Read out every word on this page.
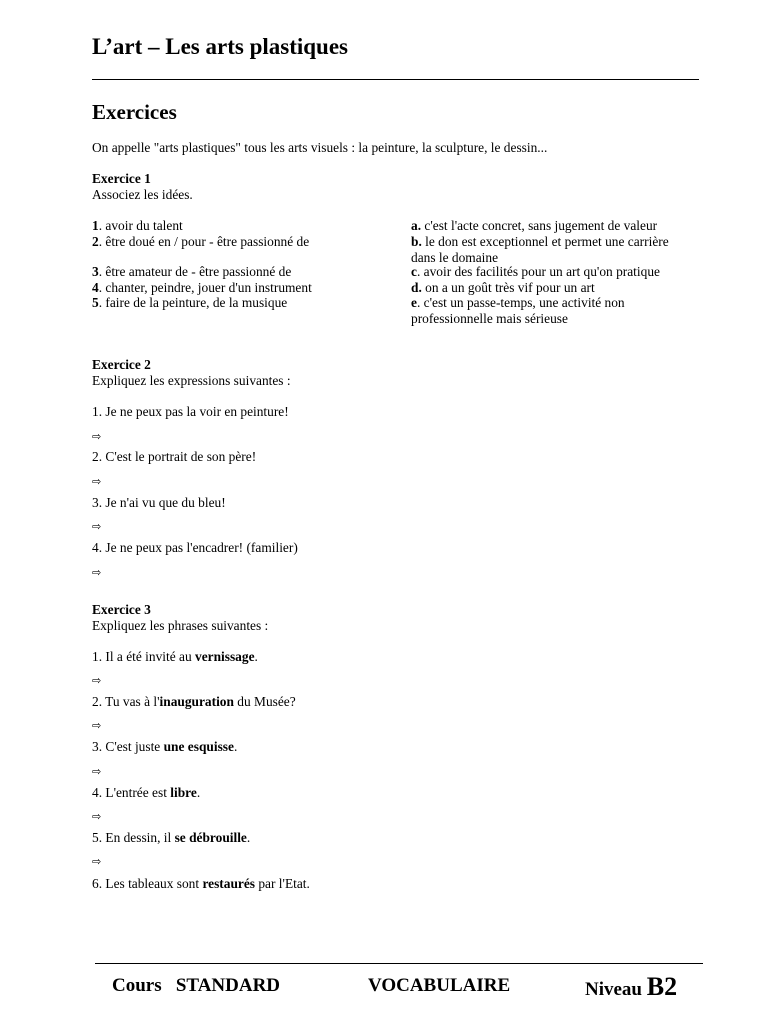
L’art – Les arts plastiques
Exercices
On appelle "arts plastiques" tous les arts visuels : la peinture, la sculpture, le dessin...
Exercice 1
Associez les idées.
1. avoir du talent
2. être doué en / pour - être passionné de
3. être amateur de - être passionné de
4. chanter, peindre, jouer d'un instrument
5. faire de la peinture, de la musique
a. c'est l'acte concret, sans jugement de valeur
b. le don est exceptionnel et permet une carrière dans le domaine
c. avoir des facilités pour un art qu'on pratique
d. on a un goût très vif pour un art
e. c'est un passe-temps, une activité non professionnelle mais sérieuse
Exercice 2
Expliquez les expressions suivantes :
1. Je ne peux pas la voir en peinture!
⇨
2. C'est le portrait de son père!
⇨
3. Je n'ai vu que du bleu!
⇨
4. Je ne peux pas l'encadrer! (familier)
⇨
Exercice 3
Expliquez les phrases suivantes :
1. Il a été invité au vernissage.
⇨
2. Tu vas à l'inauguration du Musée?
⇨
3. C'est juste une esquisse.
⇨
4. L'entrée est libre.
⇨
5. En dessin, il se débrouille.
⇨
6. Les tableaux sont restaurés par l'Etat.
Cours   STANDARD	VOCABULAIRE	Niveau B2
